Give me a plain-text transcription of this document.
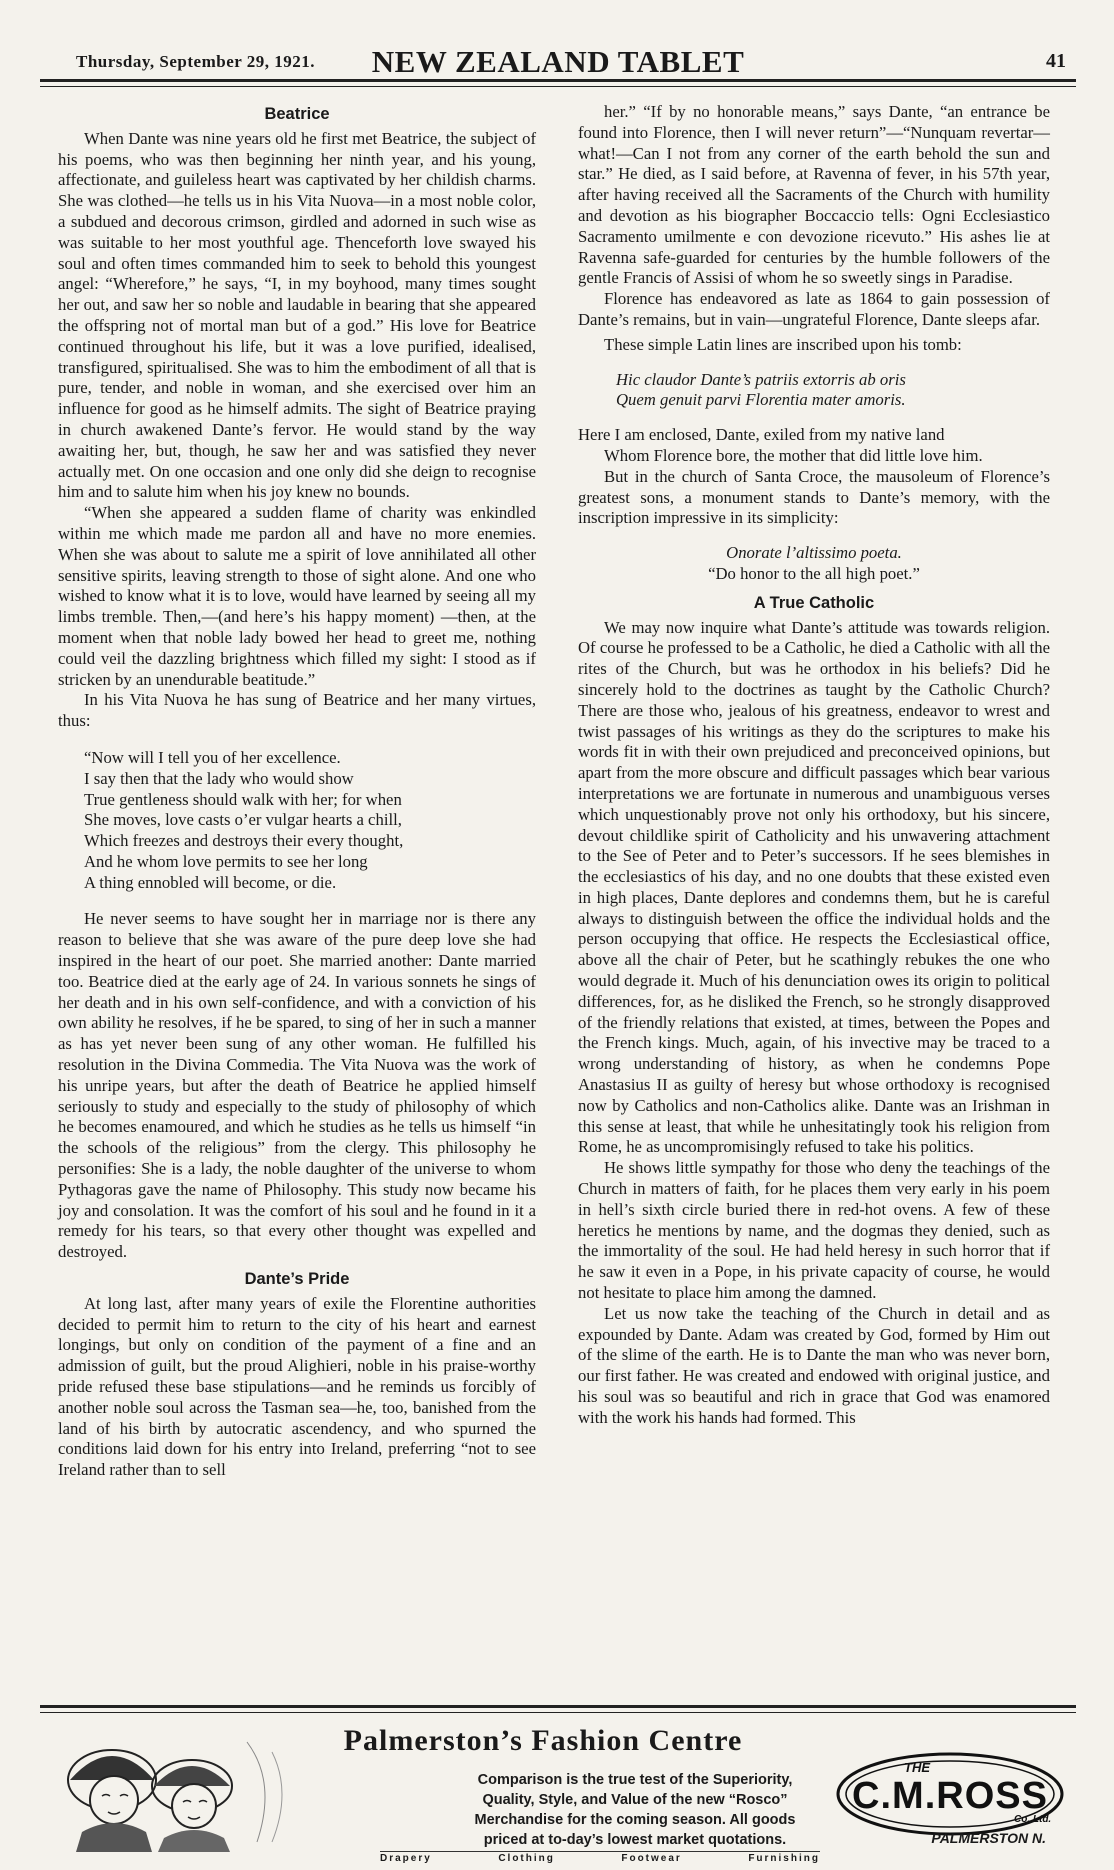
Thursday, September 29, 1921.	NEW ZEALAND TABLET	41
Beatrice

When Dante was nine years old he first met Beatrice, the subject of his poems, who was then beginning her ninth year, and his young, affectionate, and guileless heart was captivated by her childish charms. She was clothed—he tells us in his Vita Nuova—in a most noble color, a subdued and decorous crimson, girdled and adorned in such wise as was suitable to her most youthful age. Thenceforth love swayed his soul and often times commanded him to seek to behold this youngest angel: “Wherefore,” he says, “I, in my boyhood, many times sought her out, and saw her so noble and laudable in bearing that she appeared the offspring not of mortal man but of a god.” His love for Beatrice continued throughout his life, but it was a love purified, idealised, transfigured, spiritualised. She was to him the embodiment of all that is pure, tender, and noble in woman, and she exercised over him an influence for good as he himself admits. The sight of Beatrice praying in church awakened Dante’s fervor. He would stand by the way awaiting her, but, though, he saw her and was satisfied they never actually met. On one occasion and one only did she deign to recognise him and to salute him when his joy knew no bounds.

“When she appeared a sudden flame of charity was enkindled within me which made me pardon all and have no more enemies. When she was about to salute me a spirit of love annihilated all other sensitive spirits, leaving strength to those of sight alone. And one who wished to know what it is to love, would have learned by seeing all my limbs tremble. Then,—(and here’s his happy moment) —then, at the moment when that noble lady bowed her head to greet me, nothing could veil the dazzling brightness which filled my sight: I stood as if stricken by an unendurable beatitude.”

In his Vita Nuova he has sung of Beatrice and her many virtues, thus:

“Now will I tell you of her excellence.
I say then that the lady who would show
True gentleness should walk with her; for when
She moves, love casts o’er vulgar hearts a chill,
Which freezes and destroys their every thought,
And he whom love permits to see her long
A thing ennobled will become, or die.

He never seems to have sought her in marriage nor is there any reason to believe that she was aware of the pure deep love she had inspired in the heart of our poet. She married another: Dante married too. Beatrice died at the early age of 24. In various sonnets he sings of her death and in his own self-confidence, and with a conviction of his own ability he resolves, if he be spared, to sing of her in such a manner as has yet never been sung of any other woman. He fulfilled his resolution in the Divina Commedia. The Vita Nuova was the work of his unripe years, but after the death of Beatrice he applied himself seriously to study and especially to the study of philosophy of which he becomes enamoured, and which he studies as he tells us himself “in the schools of the religious” from the clergy. This philosophy he personifies: She is a lady, the noble daughter of the universe to whom Pythagoras gave the name of Philosophy. This study now became his joy and consolation. It was the comfort of his soul and he found in it a remedy for his tears, so that every other thought was expelled and destroyed.

Dante’s Pride

At long last, after many years of exile the Florentine authorities decided to permit him to return to the city of his heart and earnest longings, but only on condition of the payment of a fine and an admission of guilt, but the proud Alighieri, noble in his praise-worthy pride refused these base stipulations—and he reminds us forcibly of another noble soul across the Tasman sea—he, too, banished from the land of his birth by autocratic ascendency, and who spurned the conditions laid down for his entry into Ireland, preferring “not to see Ireland rather than to sell

her.” “If by no honorable means,” says Dante, “an entrance be found into Florence, then I will never return”—“Nunquam revertar—what!—Can I not from any corner of the earth behold the sun and star.” He died, as I said before, at Ravenna of fever, in his 57th year, after having received all the Sacraments of the Church with humility and devotion as his biographer Boccaccio tells: Ogni Ecclesiastico Sacramento umilmente e con devozione ricevuto.” His ashes lie at Ravenna safe-guarded for centuries by the humble followers of the gentle Francis of Assisi of whom he so sweetly sings in Paradise.

Florence has endeavored as late as 1864 to gain possession of Dante’s remains, but in vain—ungrateful Florence, Dante sleeps afar.

These simple Latin lines are inscribed upon his tomb:

Hic claudor Dante’s patriis extorris ab oris
Quem genuit parvi Florentia mater amoris.
Here I am enclosed, Dante, exiled from my native land
Whom Florence bore, the mother that did little love him.

But in the church of Santa Croce, the mausoleum of Florence’s greatest sons, a monument stands to Dante’s memory, with the inscription impressive in its simplicity:

Onorate l’altissimo poeta.
“Do honor to the all high poet.”
A True Catholic

We may now inquire what Dante’s attitude was towards religion. Of course he professed to be a Catholic, he died a Catholic with all the rites of the Church, but was he orthodox in his beliefs? Did he sincerely hold to the doctrines as taught by the Catholic Church? There are those who, jealous of his greatness, endeavor to wrest and twist passages of his writings as they do the scriptures to make his words fit in with their own prejudiced and preconceived opinions, but apart from the more obscure and difficult passages which bear various interpretations we are fortunate in numerous and unambiguous verses which unquestionably prove not only his orthodoxy, but his sincere, devout childlike spirit of Catholicity and his unwavering attachment to the See of Peter and to Peter’s successors. If he sees blemishes in the ecclesiastics of his day, and no one doubts that these existed even in high places, Dante deplores and condemns them, but he is careful always to distinguish between the office the individual holds and the person occupying that office. He respects the Ecclesiastical office, above all the chair of Peter, but he scathingly rebukes the one who would degrade it. Much of his denunciation owes its origin to political differences, for, as he disliked the French, so he strongly disapproved of the friendly relations that existed, at times, between the Popes and the French kings. Much, again, of his invective may be traced to a wrong understanding of history, as when he condemns Pope Anastasius II as guilty of heresy but whose orthodoxy is recognised now by Catholics and non-Catholics alike. Dante was an Irishman in this sense at least, that while he unhesitatingly took his religion from Rome, he as uncompromisingly refused to take his politics.

He shows little sympathy for those who deny the teachings of the Church in matters of faith, for he places them very early in his poem in hell’s sixth circle buried there in red-hot ovens. A few of these heretics he mentions by name, and the dogmas they denied, such as the immortality of the soul. He had held heresy in such horror that if he saw it even in a Pope, in his private capacity of course, he would not hesitate to place him among the damned.

Let us now take the teaching of the Church in detail and as expounded by Dante. Adam was created by God, formed by Him out of the slime of the earth. He is to Dante the man who was never born, our first father. He was created and endowed with original justice, and his soul was so beautiful and rich in grace that God was enamored with the work his hands had formed. This

Palmerston’s Fashion Centre
Comparison is the true test of the Superiority,
Quality, Style, and Value of the new “Rosco”
Merchandise for the coming season. All goods
priced at to-day’s lowest market quotations.
Drapery	Clothing	Footwear	Furnishing
THE
C.M.ROSS
Co. Ltd.
PALMERSTON N.
